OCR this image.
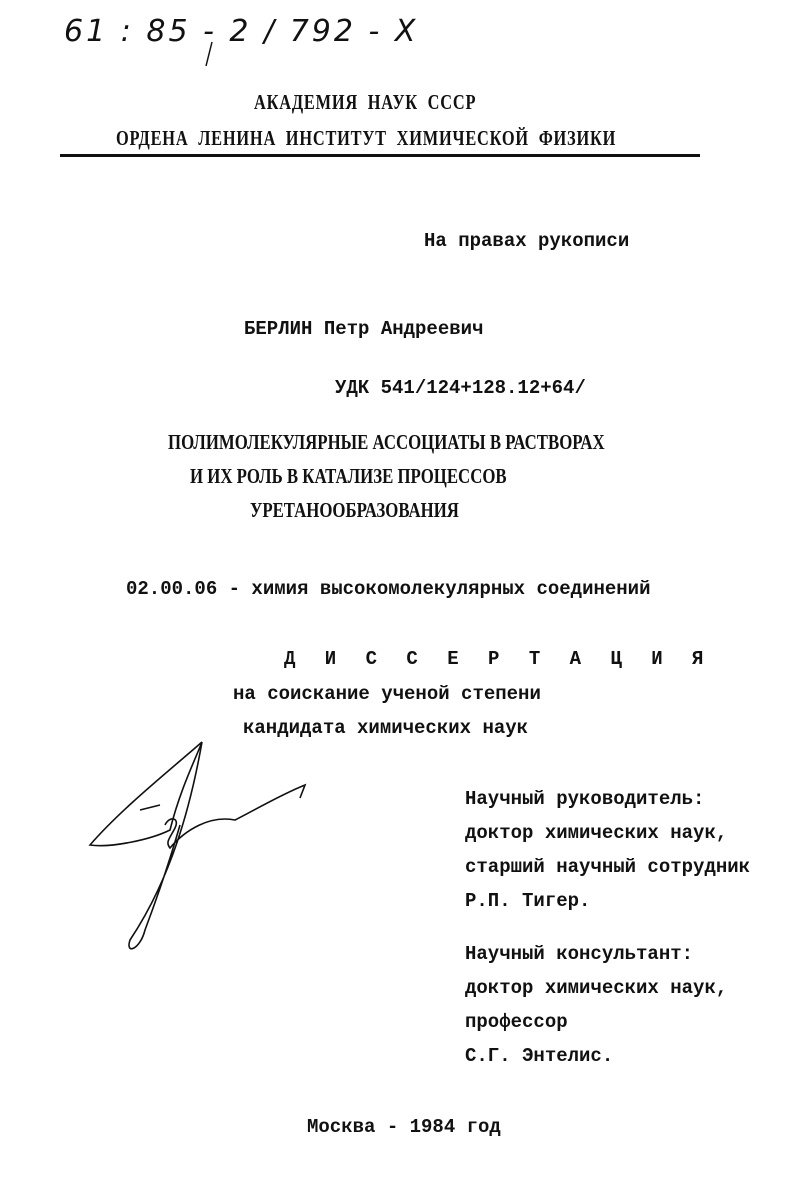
61 : 85 - 2 / 792 - X
АКАДЕМИЯ  НАУК  СССР
ОРДЕНА  ЛЕНИНА  ИНСТИТУТ  ХИМИЧЕСКОЙ  ФИЗИКИ
На правах рукописи
БЕРЛИН Петр Андреевич
УДК 541/124+128.12+64/
ПОЛИМОЛЕКУЛЯРНЫЕ АССОЦИАТЫ В РАСТВОРАХ
И ИХ РОЛЬ В КАТАЛИЗЕ ПРОЦЕССОВ
УРЕТАНООБРАЗОВАНИЯ
02.00.06 - химия высокомолекулярных соединений
Д И С С Е Р Т А Ц И Я
на соискание ученой степени
кандидата химических наук
Научный руководитель:
доктор химических наук,
старший научный сотрудник
Р.П. Тигер.
Научный консультант:
доктор химических наук,
профессор
С.Г. Энтелис.
Москва - 1984 год
